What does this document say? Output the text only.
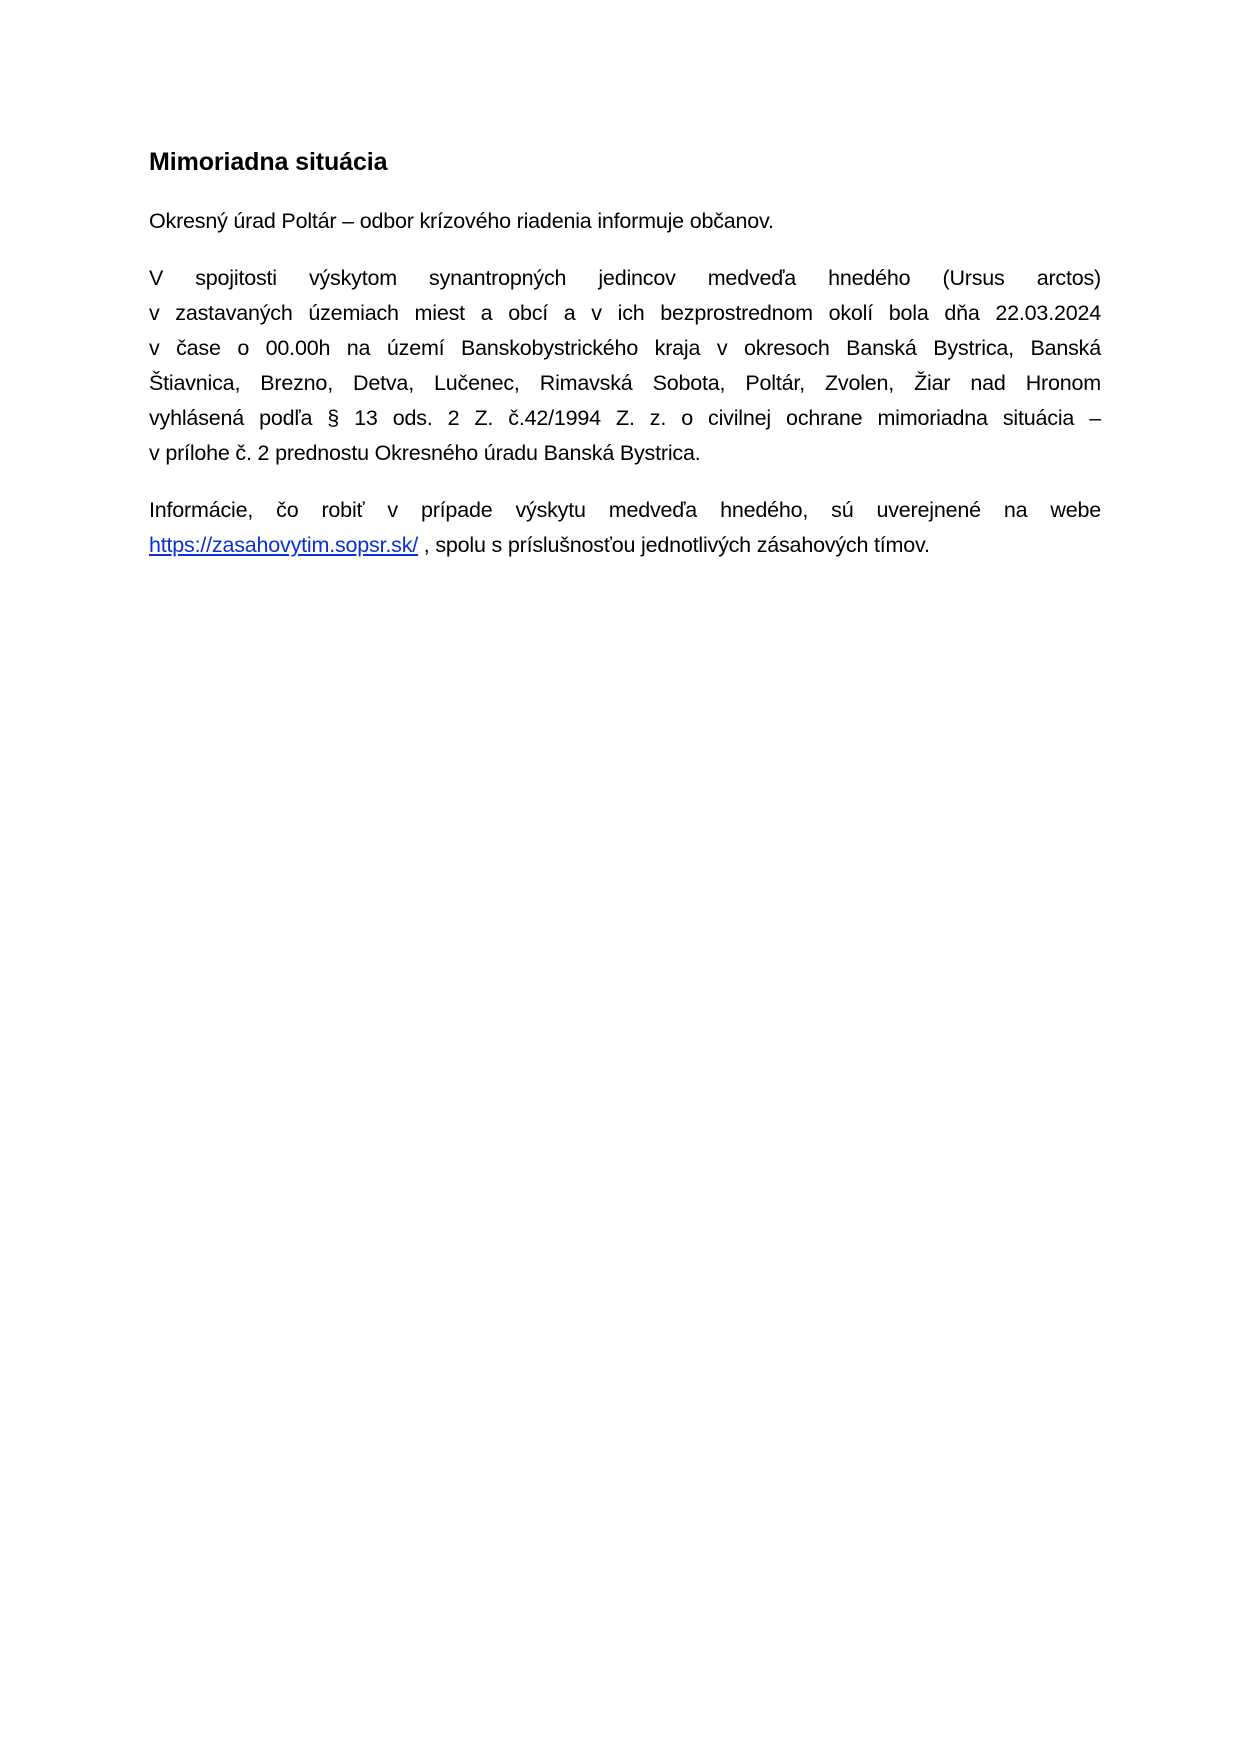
Mimoriadna situácia

Okresný úrad Poltár – odbor krízového riadenia informuje občanov.

V spojitosti výskytom synantropných jedincov medveďa hnedého (Ursus arctos)
v zastavaných územiach miest a obcí a v ich bezprostrednom okolí bola dňa 22.03.2024
v čase o 00.00h na území Banskobystrického kraja v okresoch Banská Bystrica, Banská
Štiavnica, Brezno, Detva, Lučenec, Rimavská Sobota, Poltár, Zvolen, Žiar nad Hronom
vyhlásená podľa § 13 ods. 2 Z. č.42/1994 Z. z. o civilnej ochrane mimoriadna situácia –
v prílohe č. 2 prednostu Okresného úradu Banská Bystrica.

Informácie, čo robiť v prípade výskytu medveďa hnedého, sú uverejnené na webe
https://zasahovytim.sopsr.sk/ , spolu s príslušnosťou jednotlivých zásahových tímov.
